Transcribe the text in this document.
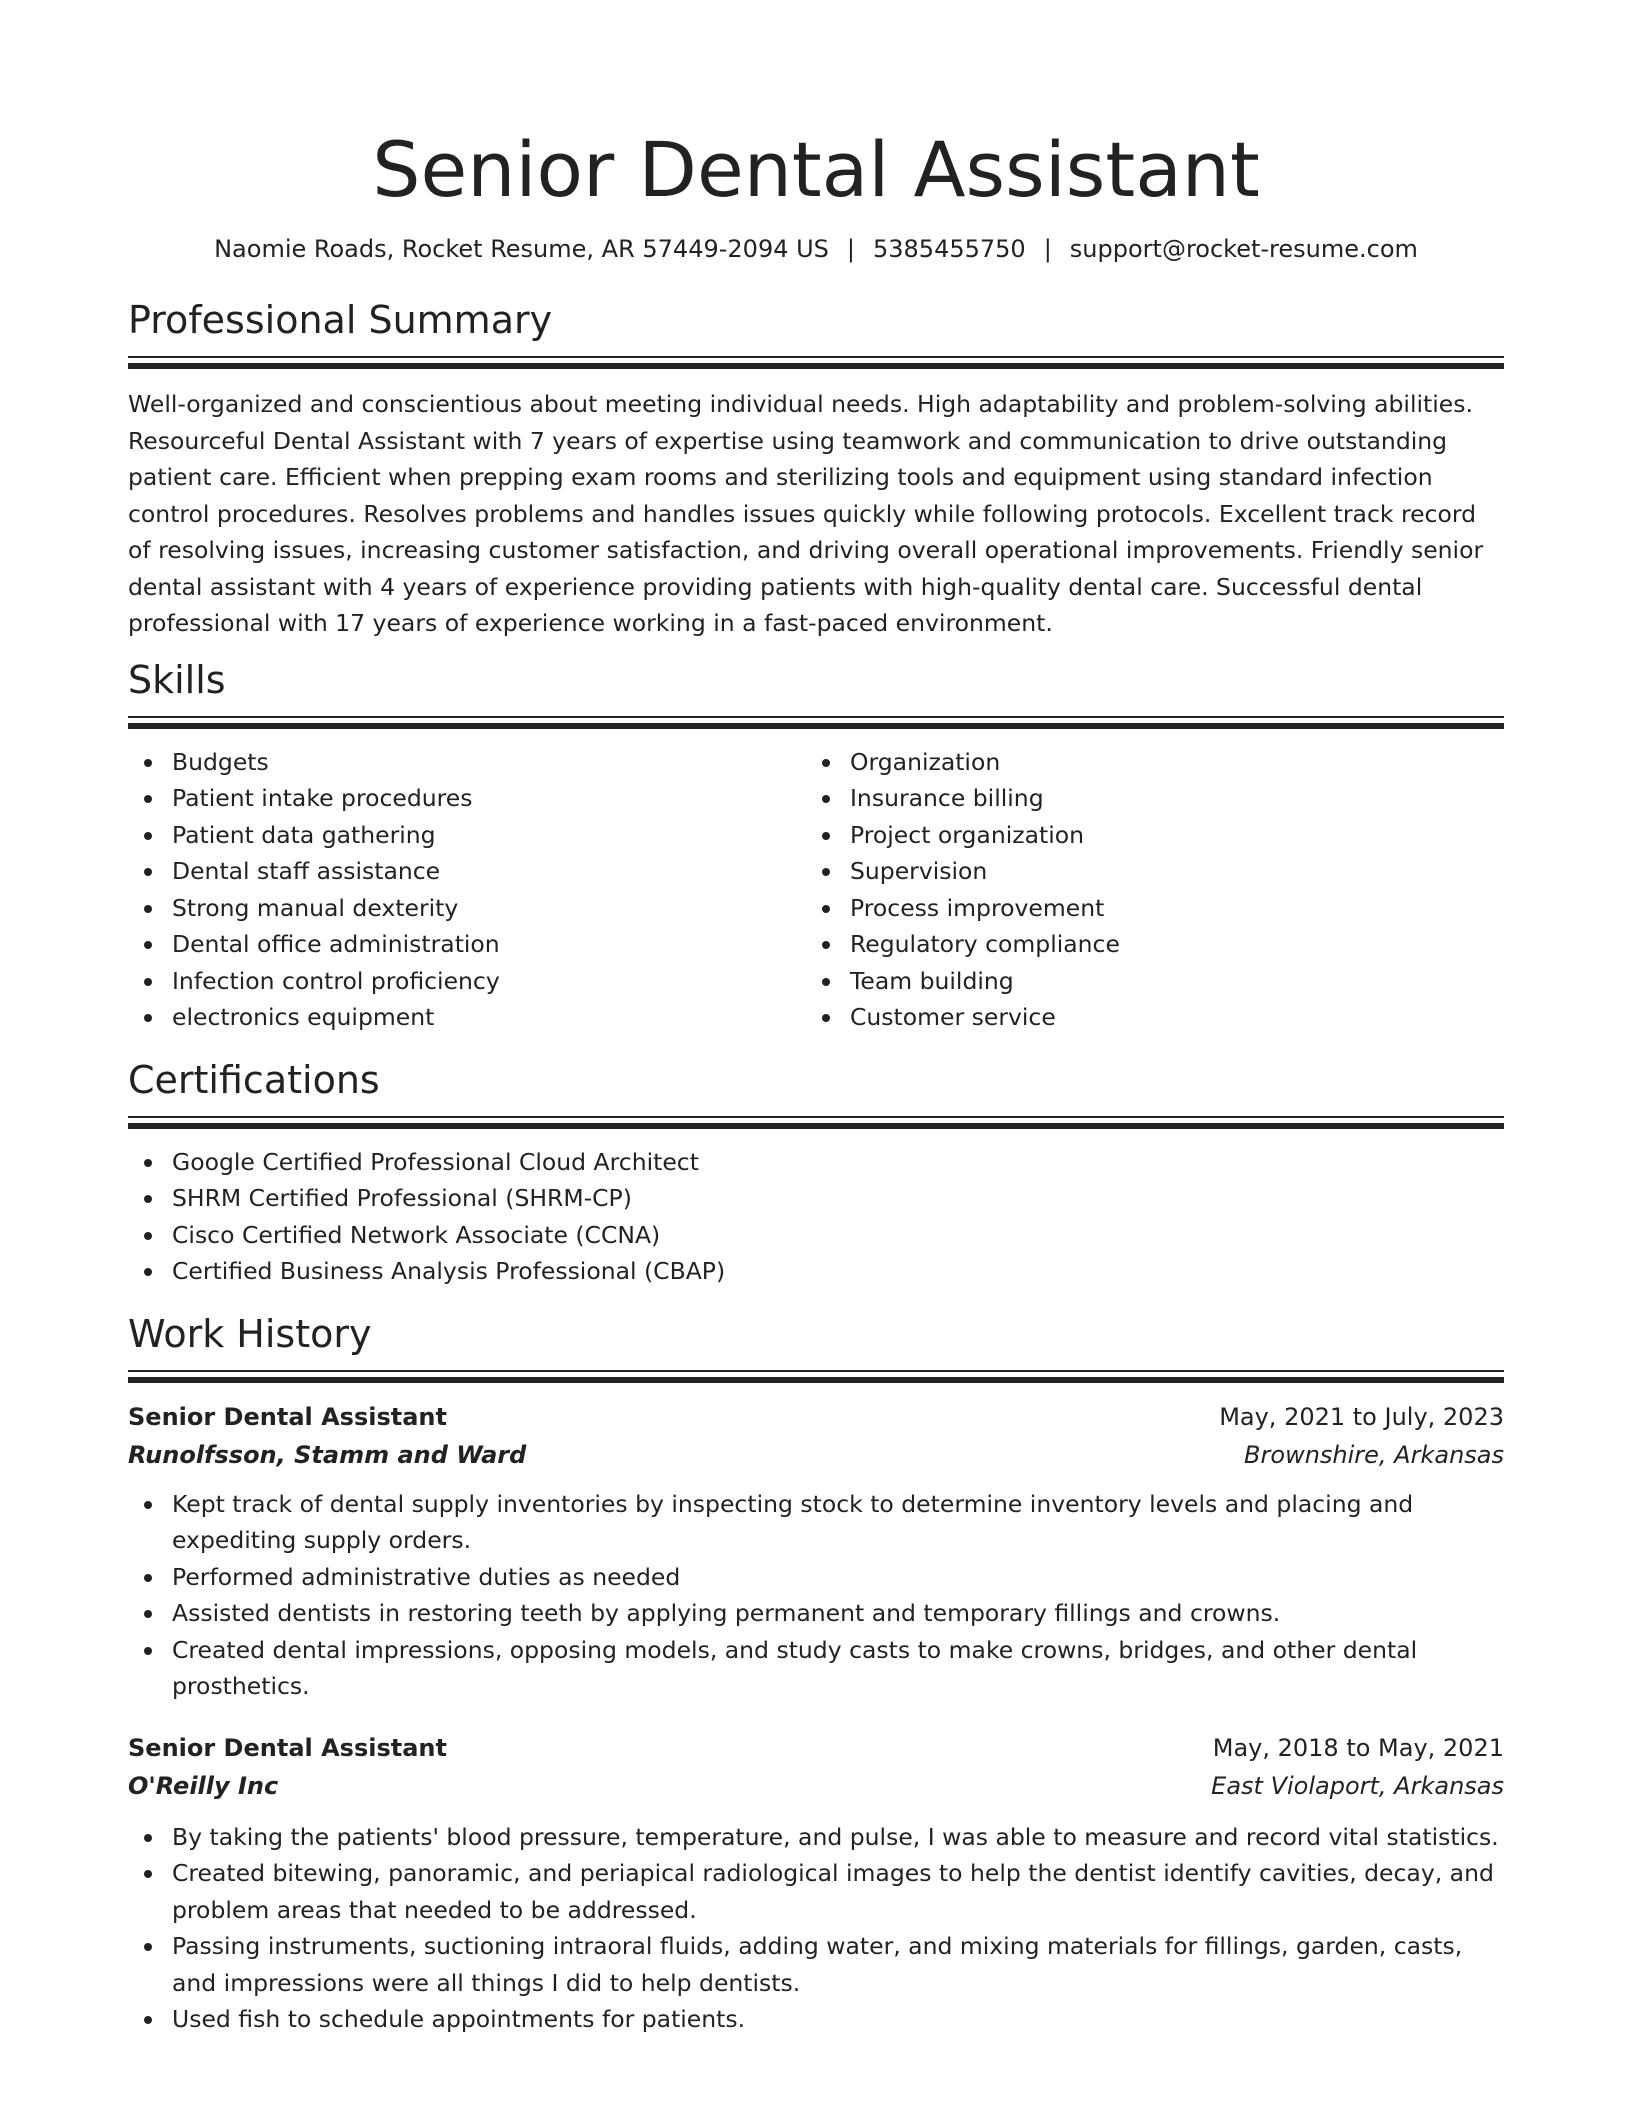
Senior Dental Assistant
Naomie Roads, Rocket Resume, AR 57449-2094 US | 5385455750 | support@rocket-resume.com
Professional Summary

Well-organized and conscientious about meeting individual needs. High adaptability and problem-solving abilities. Resourceful Dental Assistant with 7 years of expertise using teamwork and communication to drive outstanding patient care. Efficient when prepping exam rooms and sterilizing tools and equipment using standard infection control procedures. Resolves problems and handles issues quickly while following protocols. Excellent track record of resolving issues, increasing customer satisfaction, and driving overall operational improvements. Friendly senior dental assistant with 4 years of experience providing patients with high-quality dental care. Successful dental professional with 17 years of experience working in a fast-paced environment.

Skills
Budgets
Patient intake procedures
Patient data gathering
Dental staff assistance
Strong manual dexterity
Dental office administration
Infection control proficiency
electronics equipment
Organization
Insurance billing
Project organization
Supervision
Process improvement
Regulatory compliance
Team building
Customer service
Certifications
Google Certified Professional Cloud Architect
SHRM Certified Professional (SHRM-CP)
Cisco Certified Network Associate (CCNA)
Certified Business Analysis Professional (CBAP)
Work History
Senior Dental Assistant	May, 2021 to July, 2023
Runolfsson, Stamm and Ward	Brownshire, Arkansas
Kept track of dental supply inventories by inspecting stock to determine inventory levels and placing and expediting supply orders.
Performed administrative duties as needed
Assisted dentists in restoring teeth by applying permanent and temporary fillings and crowns.
Created dental impressions, opposing models, and study casts to make crowns, bridges, and other dental prosthetics.
Senior Dental Assistant	May, 2018 to May, 2021
O'Reilly Inc	East Violaport, Arkansas
By taking the patients' blood pressure, temperature, and pulse, I was able to measure and record vital statistics.
Created bitewing, panoramic, and periapical radiological images to help the dentist identify cavities, decay, and problem areas that needed to be addressed.
Passing instruments, suctioning intraoral fluids, adding water, and mixing materials for fillings, garden, casts, and impressions were all things I did to help dentists.
Used fish to schedule appointments for patients.
